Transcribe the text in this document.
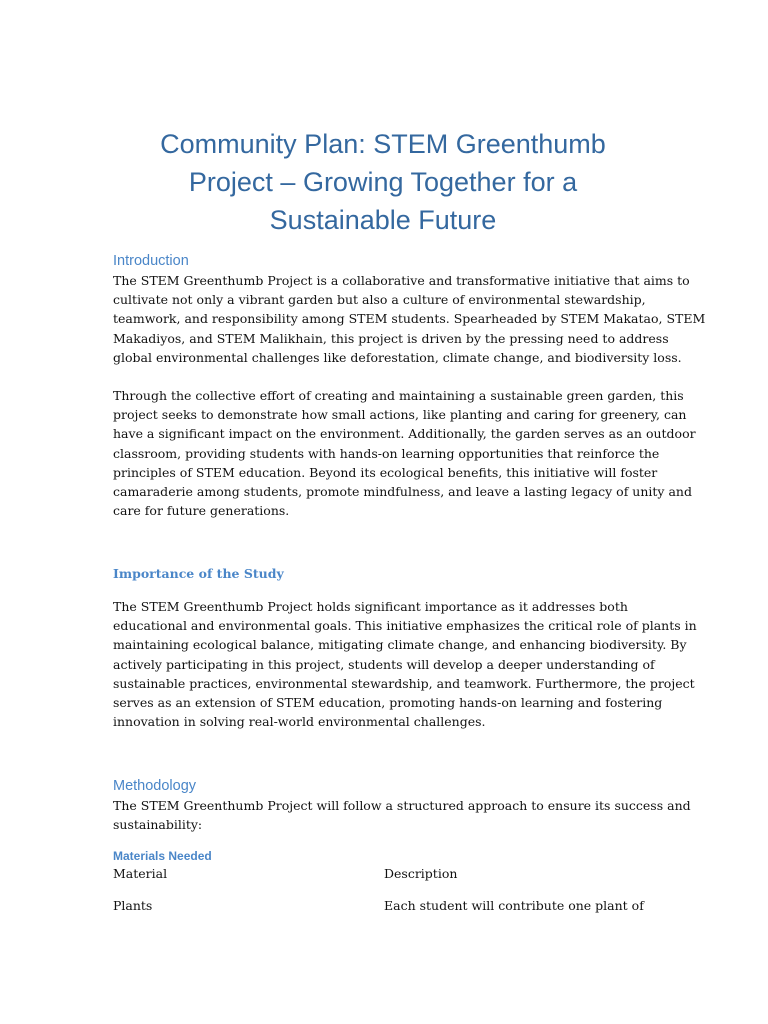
Community Plan: STEM Greenthumb
Project – Growing Together for a
Sustainable Future
Introduction

The STEM Greenthumb Project is a collaborative and transformative initiative that aims to
cultivate not only a vibrant garden but also a culture of environmental stewardship,
teamwork, and responsibility among STEM students. Spearheaded by STEM Makatao, STEM
Makadiyos, and STEM Malikhain, this project is driven by the pressing need to address
global environmental challenges like deforestation, climate change, and biodiversity loss.

Through the collective effort of creating and maintaining a sustainable green garden, this
project seeks to demonstrate how small actions, like planting and caring for greenery, can
have a significant impact on the environment. Additionally, the garden serves as an outdoor
classroom, providing students with hands-on learning opportunities that reinforce the
principles of STEM education. Beyond its ecological benefits, this initiative will foster
camaraderie among students, promote mindfulness, and leave a lasting legacy of unity and
care for future generations.

Importance of the Study

The STEM Greenthumb Project holds significant importance as it addresses both
educational and environmental goals. This initiative emphasizes the critical role of plants in
maintaining ecological balance, mitigating climate change, and enhancing biodiversity. By
actively participating in this project, students will develop a deeper understanding of
sustainable practices, environmental stewardship, and teamwork. Furthermore, the project
serves as an extension of STEM education, promoting hands-on learning and fostering
innovation in solving real-world environmental challenges.

Methodology

The STEM Greenthumb Project will follow a structured approach to ensure its success and
sustainability:

Materials Needed
Material	Description
Plants	Each student will contribute one plant of
